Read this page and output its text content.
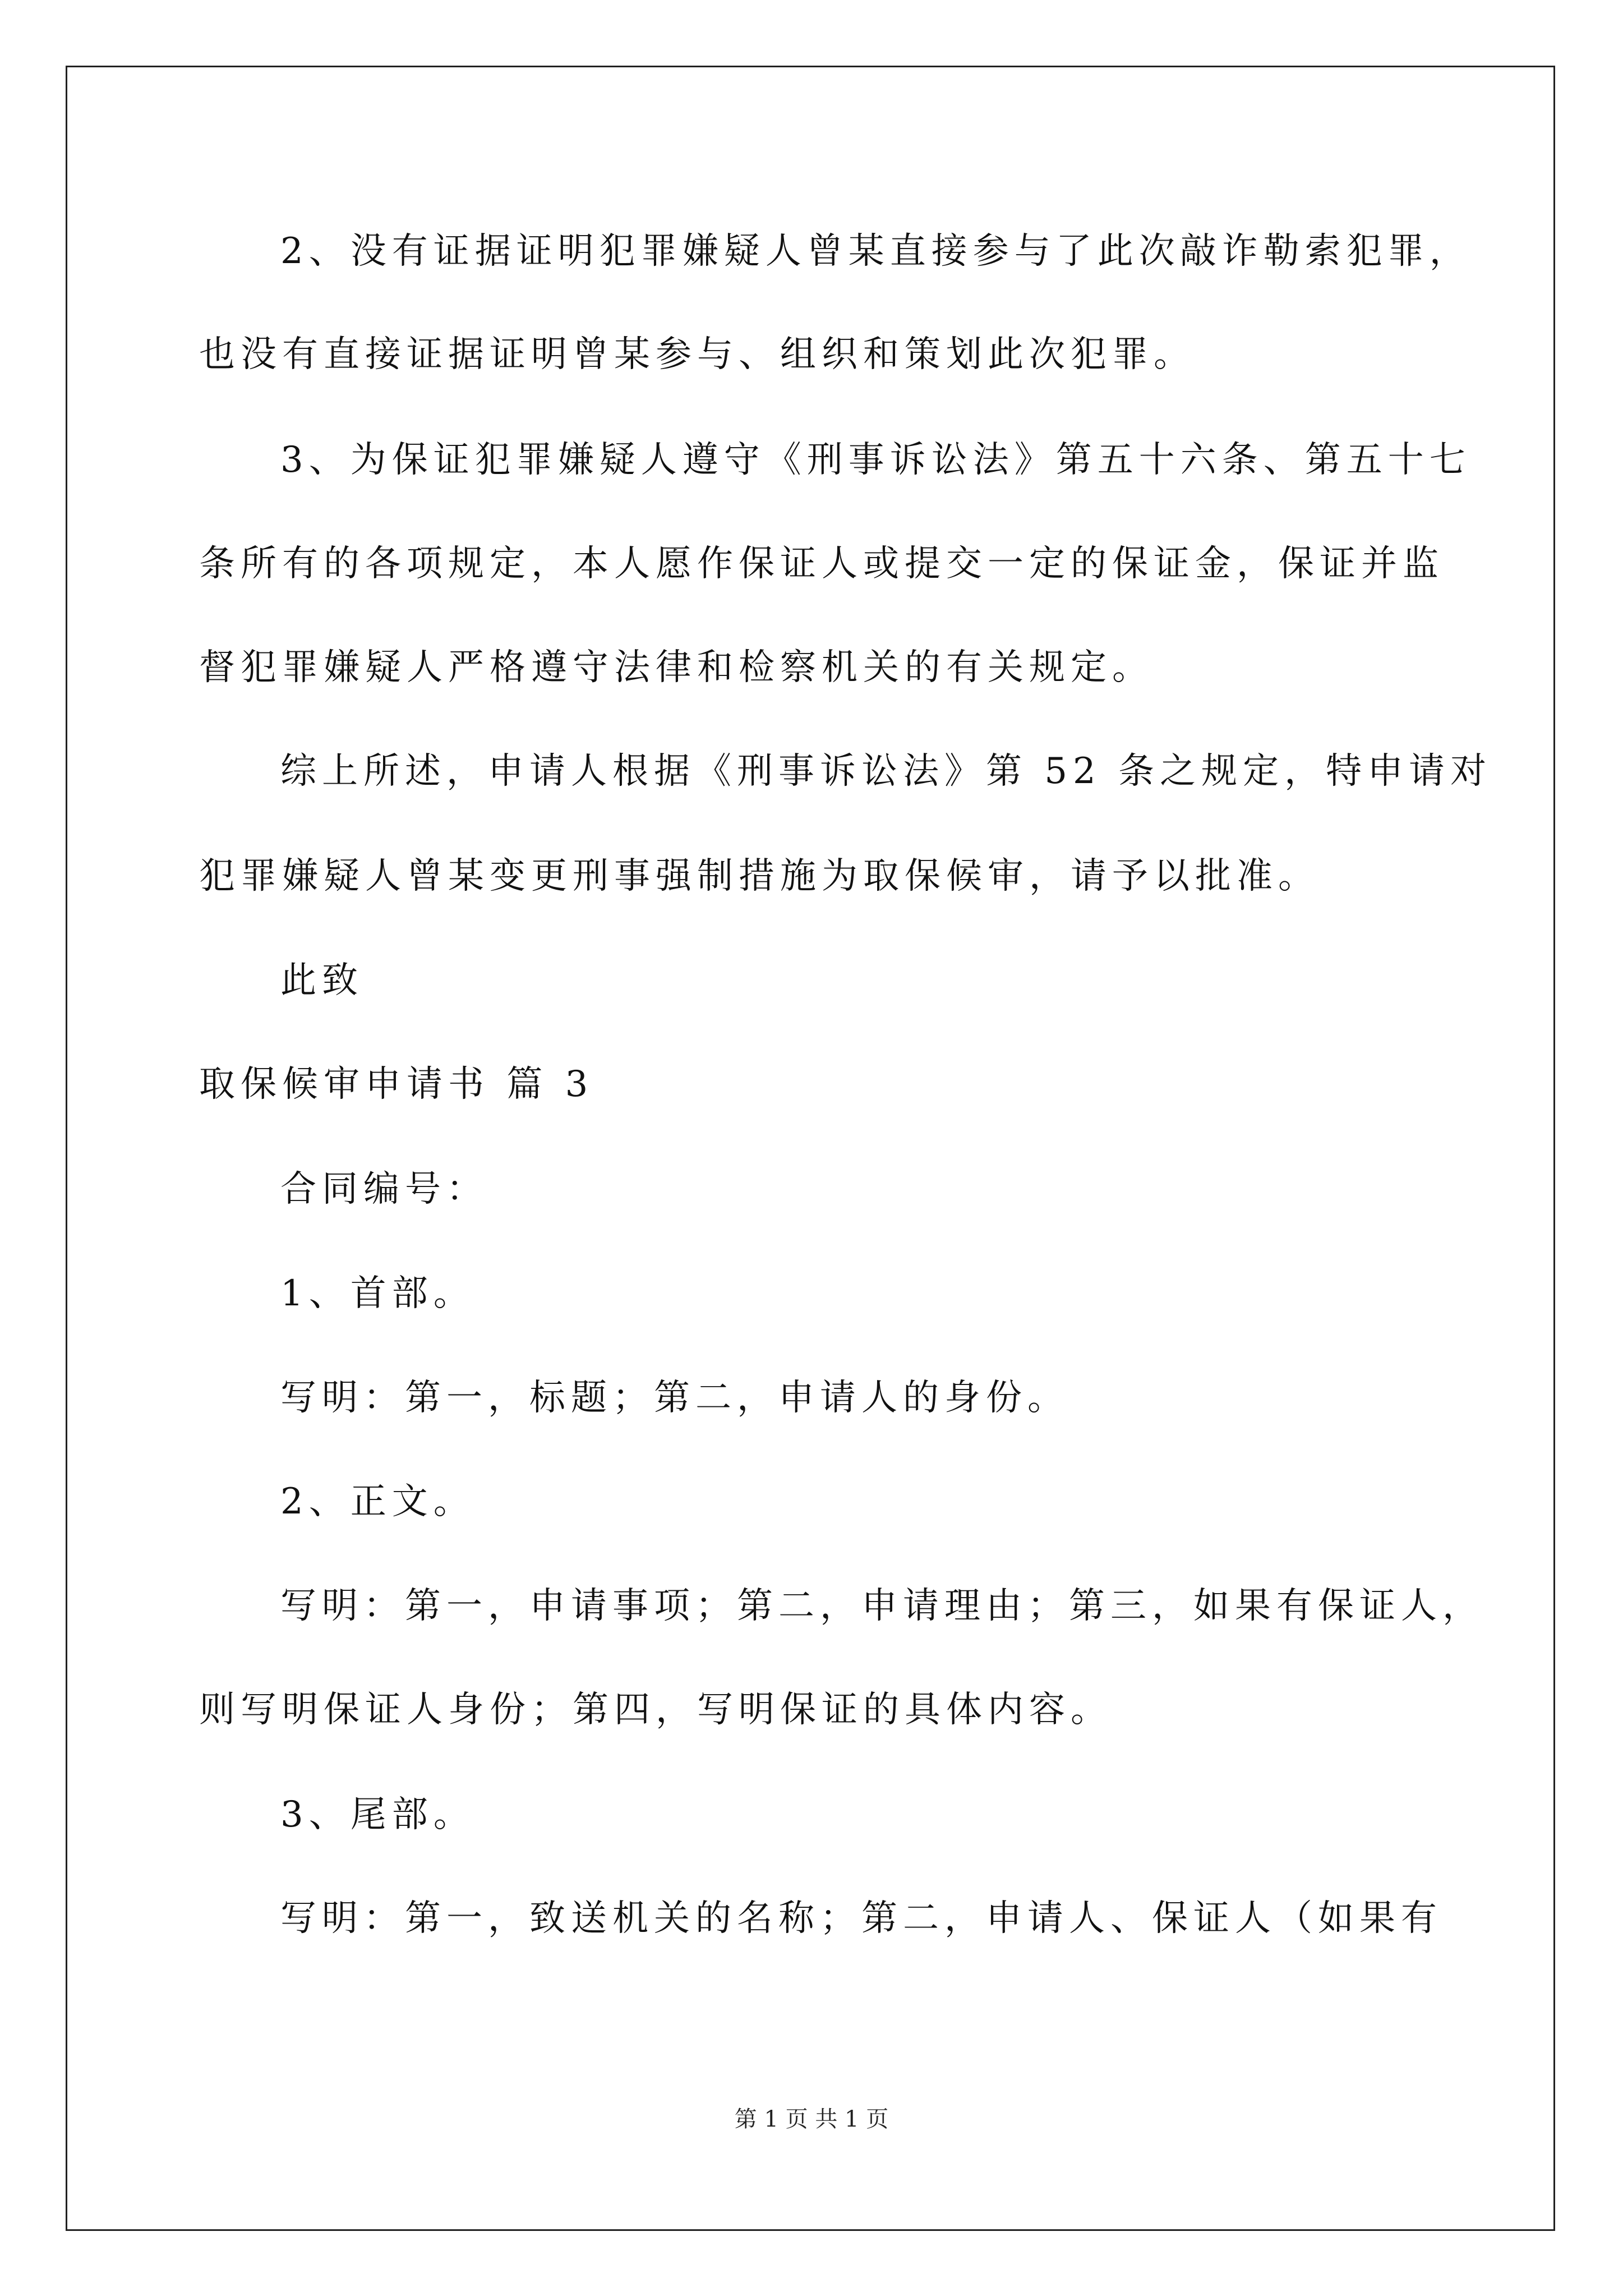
2、没有证据证明犯罪嫌疑人曾某直接参与了此次敲诈勒索犯罪，
也没有直接证据证明曾某参与、组织和策划此次犯罪。
3、为保证犯罪嫌疑人遵守《刑事诉讼法》第五十六条、第五十七
条所有的各项规定，本人愿作保证人或提交一定的保证金，保证并监
督犯罪嫌疑人严格遵守法律和检察机关的有关规定。
综上所述，申请人根据《刑事诉讼法》第 52 条之规定，特申请对
犯罪嫌疑人曾某变更刑事强制措施为取保候审，请予以批准。
此致
取保候审申请书 篇 3
合同编号：
1、首部。
写明：第一，标题；第二，申请人的身份。
2、正文。
写明：第一，申请事项；第二，申请理由；第三，如果有保证人，
则写明保证人身份；第四，写明保证的具体内容。
3、尾部。
写明：第一，致送机关的名称；第二，申请人、保证人（如果有
第 1 页 共 1 页
